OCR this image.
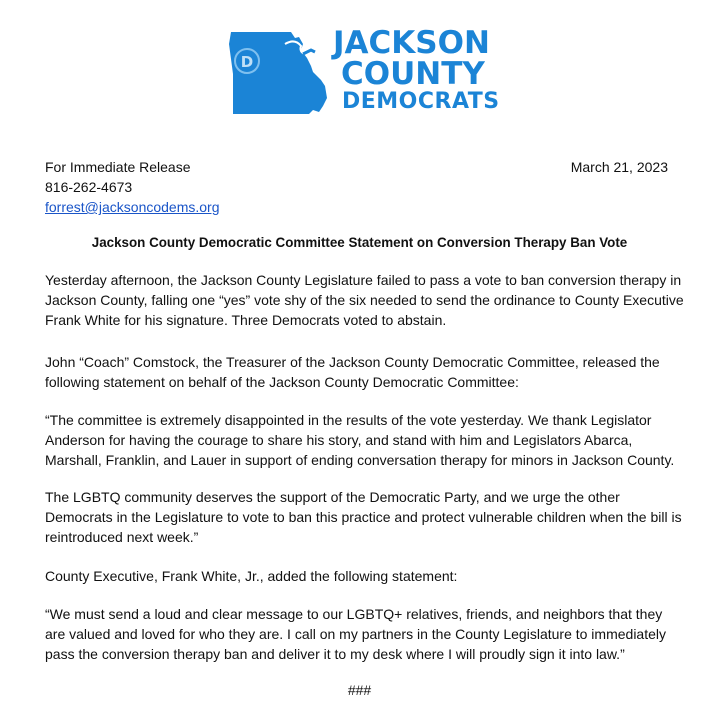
D
JACKSON
COUNTY
DEMOCRATS
For Immediate Release
816-262-4673
forrest@jacksoncodems.org
March 21, 2023
Jackson County Democratic Committee Statement on Conversion Therapy Ban Vote
Yesterday afternoon, the Jackson County Legislature failed to pass a vote to ban conversion therapy in Jackson County, falling one “yes” vote shy of the six needed to send the ordinance to County Executive Frank White for his signature. Three Democrats voted to abstain.
John “Coach” Comstock, the Treasurer of the Jackson County Democratic Committee, released the following statement on behalf of the Jackson County Democratic Committee:
“The committee is extremely disappointed in the results of the vote yesterday. We thank Legislator Anderson for having the courage to share his story, and stand with him and Legislators Abarca, Marshall, Franklin, and Lauer in support of ending conversation therapy for minors in Jackson County.
The LGBTQ community deserves the support of the Democratic Party, and we urge the other Democrats in the Legislature to vote to ban this practice and protect vulnerable children when the bill is reintroduced next week.”
County Executive, Frank White, Jr., added the following statement:
“We must send a loud and clear message to our LGBTQ+ relatives, friends, and neighbors that they are valued and loved for who they are. I call on my partners in the County Legislature to immediately pass the conversion therapy ban and deliver it to my desk where I will proudly sign it into law.”
###
